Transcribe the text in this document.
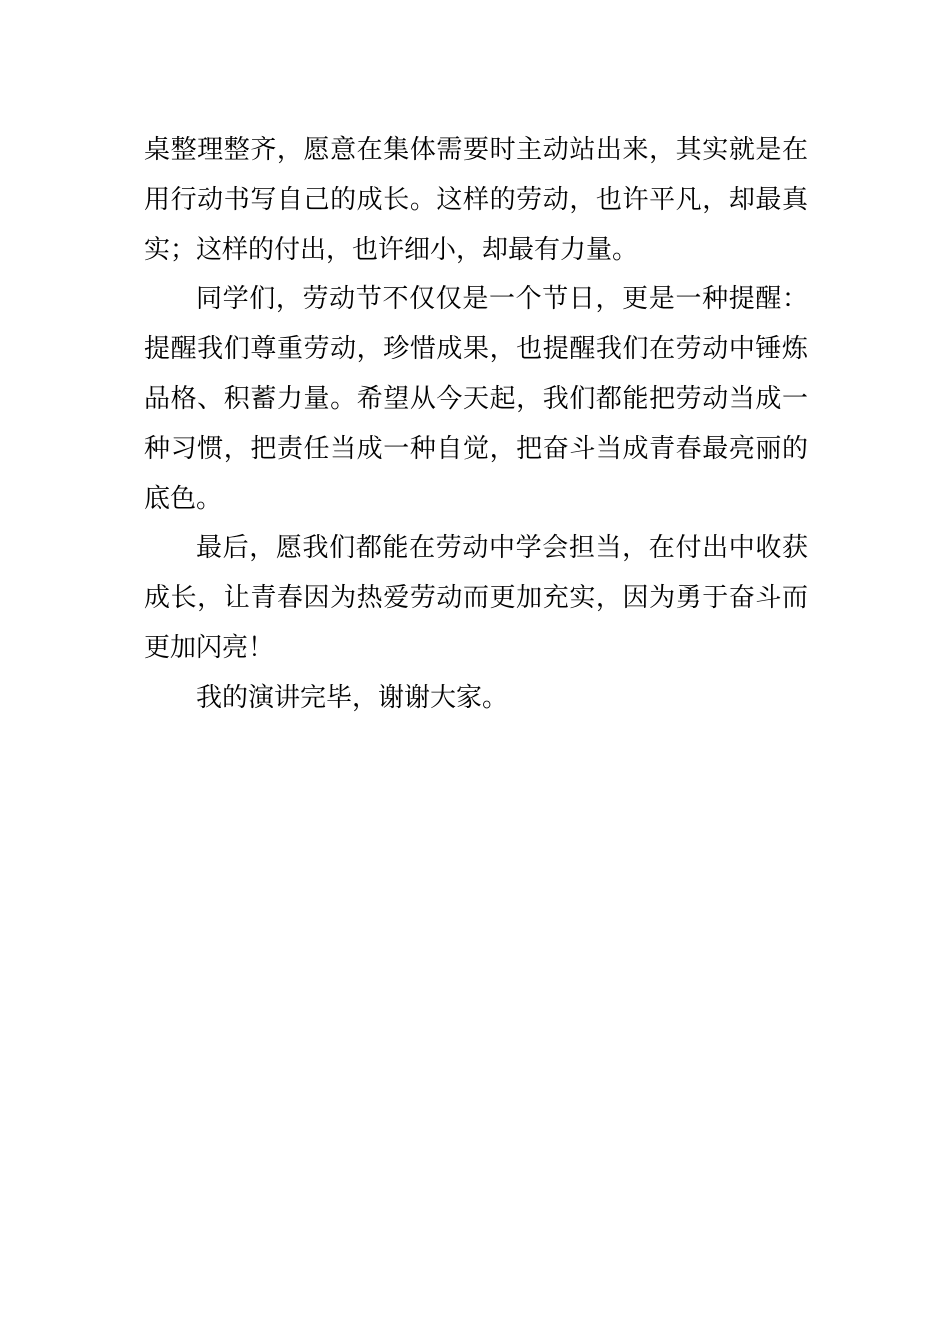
桌整理整齐，愿意在集体需要时主动站出来，其实就是在
用行动书写自己的成长。这样的劳动，也许平凡，却最真
实；这样的付出，也许细小，却最有力量。
同学们，劳动节不仅仅是一个节日，更是一种提醒：
提醒我们尊重劳动，珍惜成果，也提醒我们在劳动中锤炼
品格、积蓄力量。希望从今天起，我们都能把劳动当成一
种习惯，把责任当成一种自觉，把奋斗当成青春最亮丽的
底色。
最后，愿我们都能在劳动中学会担当，在付出中收获
成长，让青春因为热爱劳动而更加充实，因为勇于奋斗而
更加闪亮！
我的演讲完毕，谢谢大家。
